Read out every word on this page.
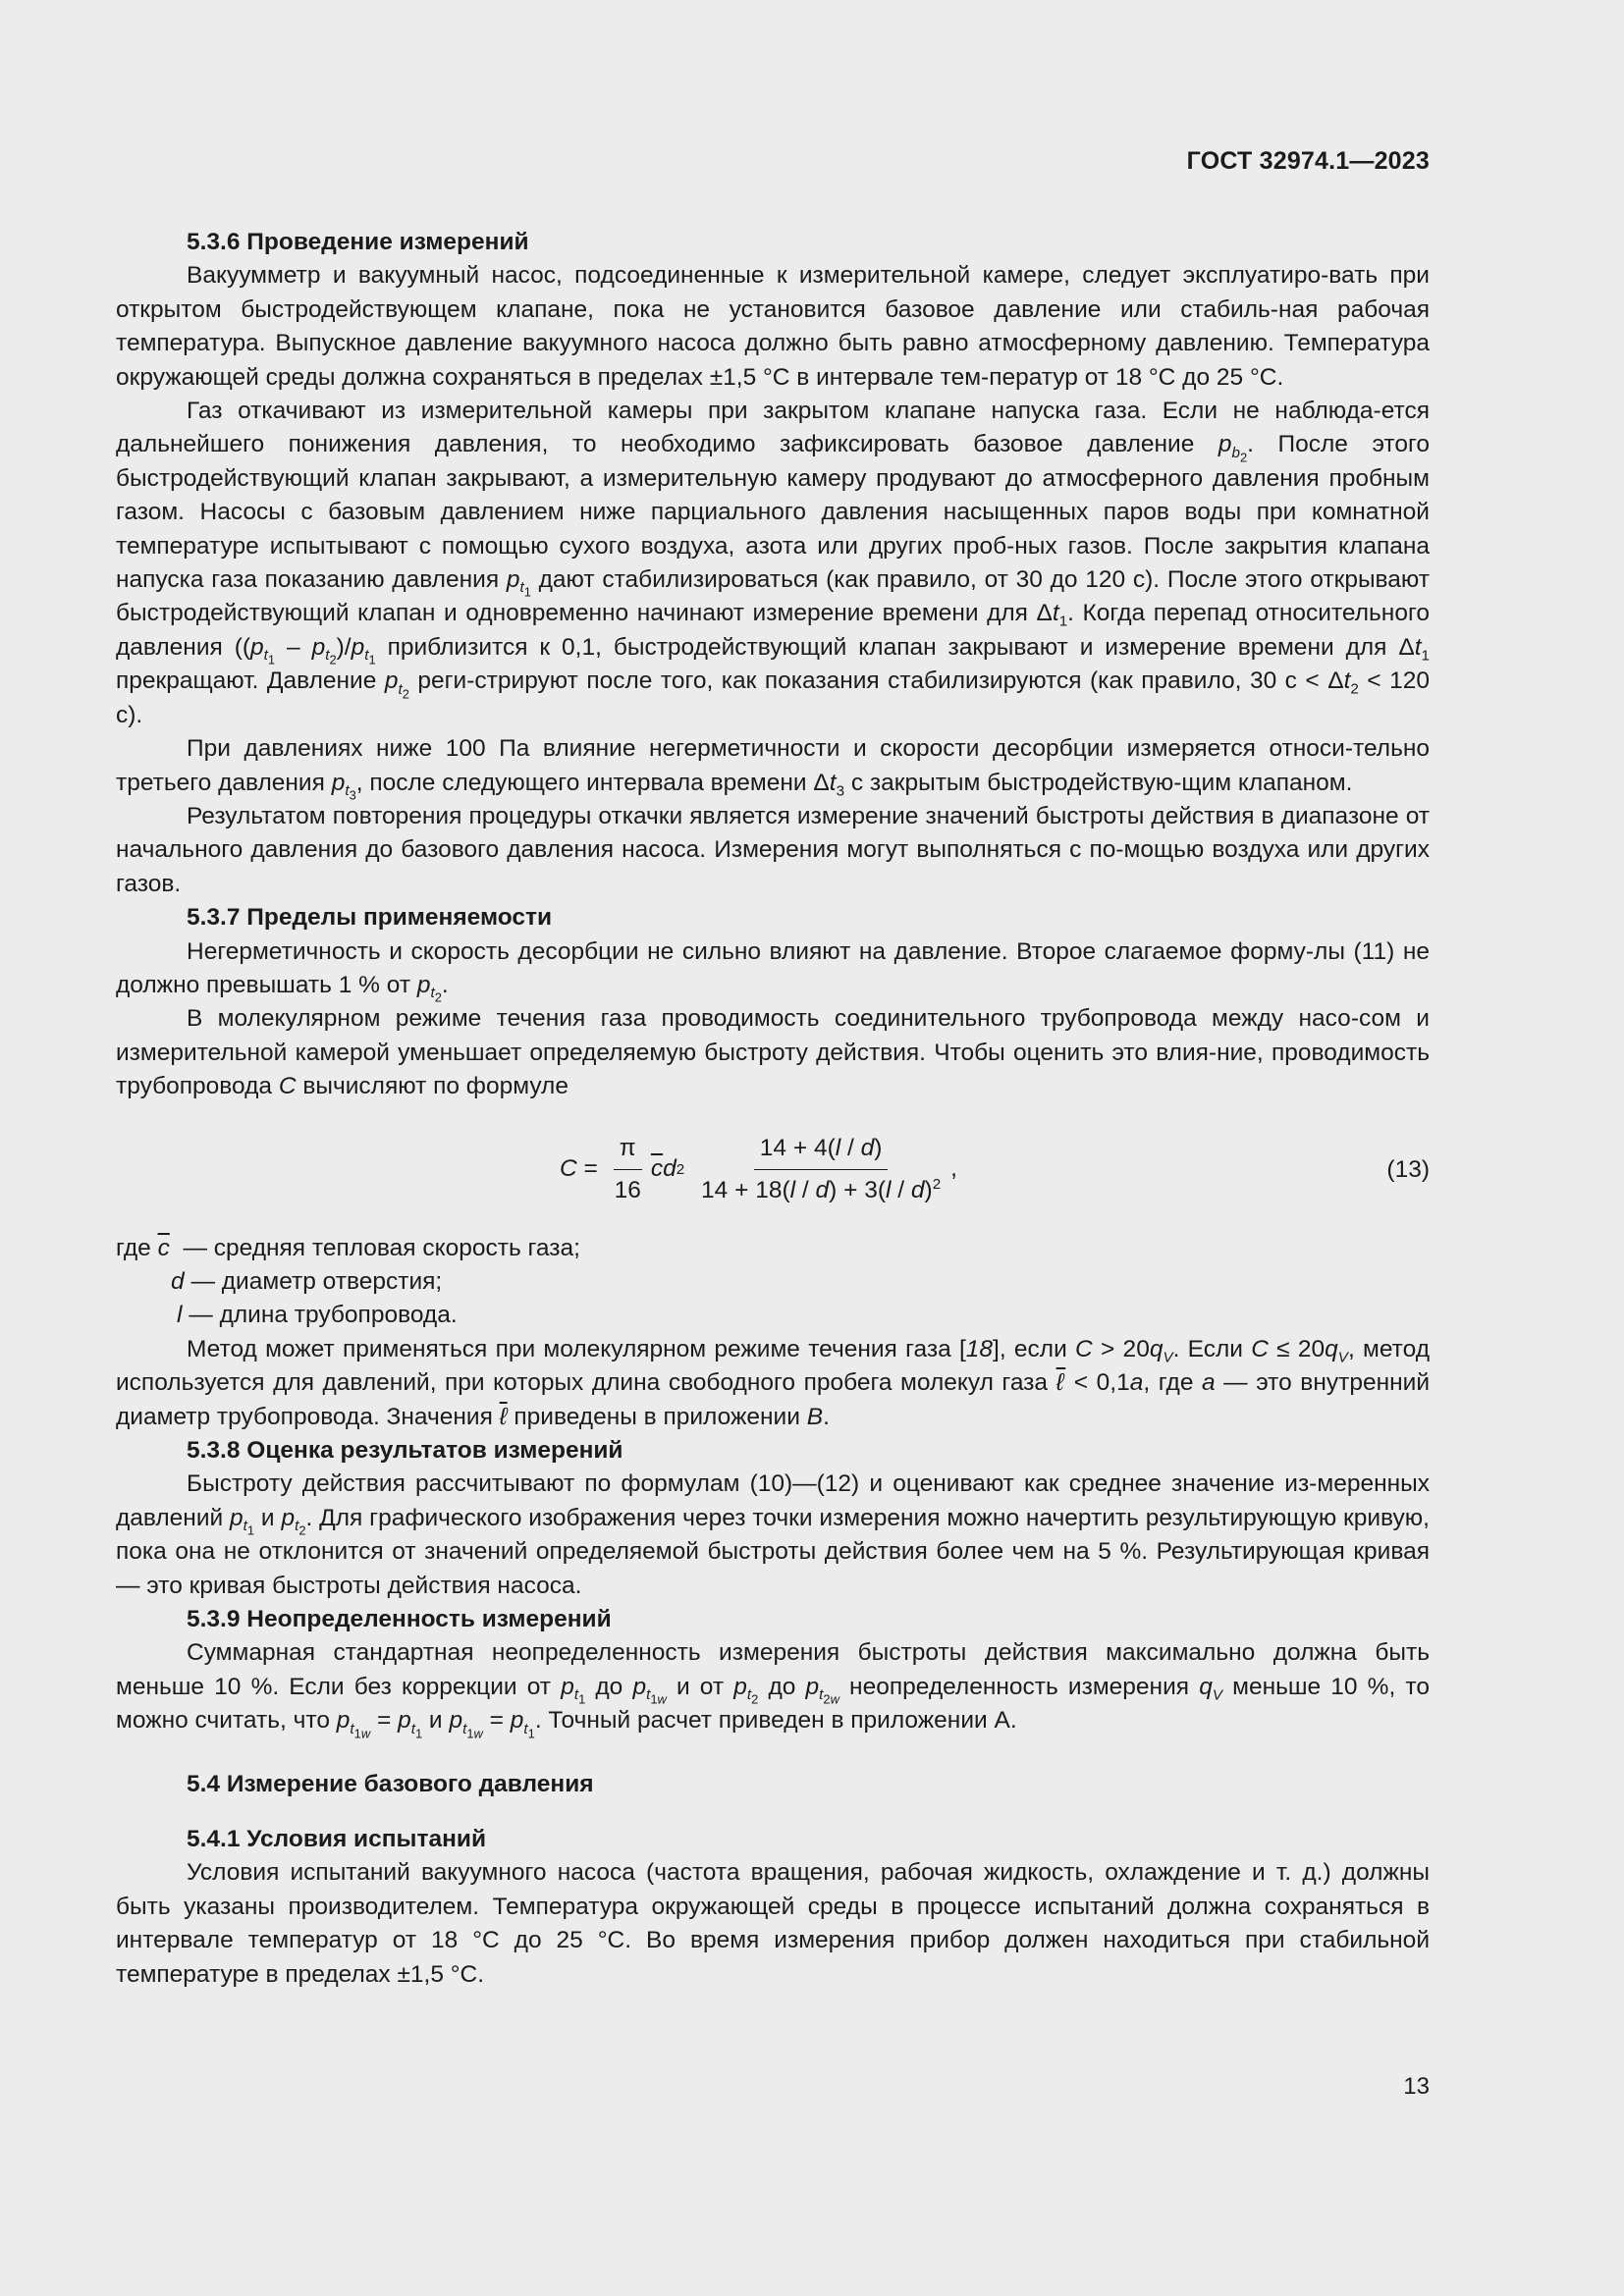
ГОСТ 32974.1—2023

5.3.6 Проведение измерений

Вакуумметр и вакуумный насос, подсоединенные к измерительной камере, следует эксплуатиро-вать при открытом быстродействующем клапане, пока не установится базовое давление или стабиль-ная рабочая температура. Выпускное давление вакуумного насоса должно быть равно атмосферному давлению. Температура окружающей среды должна сохраняться в пределах ±1,5 °С в интервале тем-ператур от 18 °С до 25 °С.

Газ откачивают из измерительной камеры при закрытом клапане напуска газа. Если не наблюда-ется дальнейшего понижения давления, то необходимо зафиксировать базовое давление $p_{b_2}$. После этого быстродействующий клапан закрывают, а измерительную камеру продувают до атмосферного давления пробным газом. Насосы с базовым давлением ниже парциального давления насыщенных паров воды при комнатной температуре испытывают с помощью сухого воздуха, азота или других проб-ных газов. После закрытия клапана напуска газа показанию давления $p_{t_1}$ дают стабилизироваться (как правило, от 30 до 120 с). После этого открывают быстродействующий клапан и одновременно начинают измерение времени для $\Delta t_1$. Когда перепад относительного давления ($(p_{t_1} - p_{t_2})/p_{t_1}$ приблизится к 0,1, быстродействующий клапан закрывают и измерение времени для $\Delta t_1$ прекращают. Давление $p_{t_2}$ реги-стрируют после того, как показания стабилизируются (как правило, 30 $с < \Delta t_2 < 120$ с).

При давлениях ниже 100 Па влияние негерметичности и скорости десорбции измеряется относи-тельно третьего давления $p_{t_3}$, после следующего интервала времени $\Delta t_3$ с закрытым быстродействую-щим клапаном.

Результатом повторения процедуры откачки является измерение значений быстроты действия в диапазоне от начального давления до базового давления насоса. Измерения могут выполняться с по-мощью воздуха или других газов.

5.3.7 Пределы применяемости

Негерметичность и скорость десорбции не сильно влияют на давление. Второе слагаемое форму-лы (11) не должно превышать 1 % от $p_{t_2}$.

В молекулярном режиме течения газа проводимость соединительного трубопровода между насо-сом и измерительной камерой уменьшает определяемую быстроту действия. Чтобы оценить это влия-ние, проводимость трубопровода C вычисляют по формуле

$C = \frac{\pi}{16} \overline{c}d$ 2
$\frac{14 + 4(l / d)}{14 + 18(l / d) + 3(l / d)^2}$ ,	(13)

где $\overline{c}$  — средняя тепловая скорость газа;

d — диаметр отверстия;

l — длина трубопровода.

Метод может применяться при молекулярном режиме течения газа [18], если $C > 20q_V$. Если $C \le 20q_V$, метод используется для давлений, при которых длина свободного пробега молекул газа ℓ < 0,1a, где a — это внутренний диаметр трубопровода. Значения ℓ приведены в приложении В.

5.3.8 Оценка результатов измерений

Быстроту действия рассчитывают по формулам (10)—(12) и оценивают как среднее значение из-меренных давлений $p_{t_1}$ и $p_{t_2}$. Для графического изображения через точки измерения можно начертить результирующую кривую, пока она не отклонится от значений определяемой быстроты действия более чем на 5 %. Результирующая кривая — это кривая быстроты действия насоса.

5.3.9 Неопределенность измерений

Суммарная стандартная неопределенность измерения быстроты действия максимально должна быть меньше 10 %. Если без коррекции от $p_{t_1}$ до $p_{t_{1w}}$ и от $p_{t_2}$ до $p_{t_{2w}}$ неопределенность измерения $q_V$ меньше 10 %, то можно считать, что $p_{t_{1w}} = p_{t_1}$ и $p_{t_{1w}} = p_{t_1}$. Точный расчет приведен в приложении А.

5.4 Измерение базового давления

5.4.1 Условия испытаний

Условия испытаний вакуумного насоса (частота вращения, рабочая жидкость, охлаждение и т. д.) должны быть указаны производителем. Температура окружающей среды в процессе испытаний должна сохраняться в интервале температур от 18 °С до 25 °С. Во время измерения прибор должен находиться при стабильной температуре в пределах ±1,5 °С.

13
